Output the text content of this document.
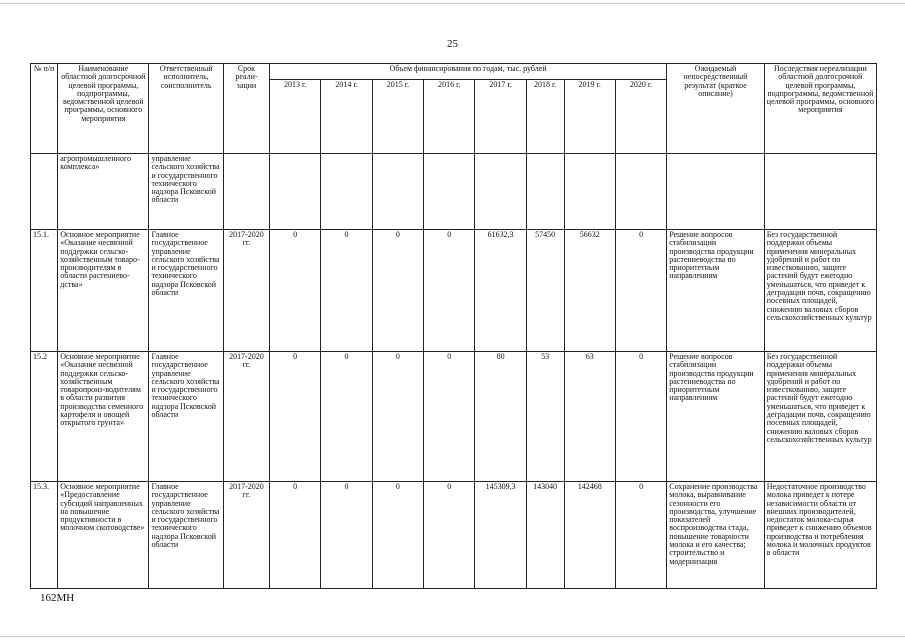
25
№ п/п	Наименование областной долгосрочной целевой программы, подпрограммы, ведомственной целевой программы, основного мероприятия	Ответственный исполнитель, соисполнитель	Срок реали-зации	Объем финансирования по годам, тыс. рублей								Ожидаемый непосредственный результат (краткое описание)	Последствия нереализации областной долгосрочной целевой программы, подпрограммы, ведомственной целевой программы, основного мероприятия
				2013 г.	2014 г.	2015 г.	2016 г.	2017 г.	2018 г.	2019 г.	2020 г.		
	агропромышленного комплекса»	управление сельского хозяйства и государственного технического надзора Псковской области											
15.1.	Основное мероприятие «Оказание несвязной поддержки сельско-хозяйственным товаро-производителям в области растениево-дства»	Главное государственное управление сельского хозяйства и государственного технического надзора Псковской области	2017-2020 гг.	0	0	0	0	61632,3	57450	56632	0	Решение вопросов стабилизации производства продукции растениеводства по приоритетным направлениям	Без государственной поддержки объемы применения минеральных удобрений и работ по известкованию, защите растений будут ежегодно уменьшаться, что приведет к деградации почв, сокращению посевных площадей, снижению валовых сборов сельскохозяйственных культур
15.2	Основное мероприятие «Оказание несвязной поддержки сельско-хозяйственным товаропроиз-водителям в области развития производства семенного картофеля и овощей открытого грунта»	Главное государственное управление сельского хозяйства и государственного технического надзора Псковской области	2017-2020 гг.	0	0	0	0	80	53	63	0	Решение вопросов стабилизации производства продукции растениеводства по приоритетным направлениям	Без государственной поддержки объемы применения минеральных удобрений и работ по известкованию, защите растений будут ежегодно уменьшаться, что приведет к деградации почв, сокращению посевных площадей, снижению валовых сборов сельскохозяйственных культур
15.3.	Основное мероприятие «Предоставление субсидий направленных на повышение продуктивности в молочном скотоводстве»	Главное государственное управление сельского хозяйства и государственного технического надзора Псковской области	2017-2020 гг.	0	0	0	0	145309,3	143040	142468	0	Сохранение производства молока, выравнивание сезонности его производства, улучшение показателей воспроизводства стада, повышение товарности молока и его качества; строительство и модернизация	Недостаточное производство молока приведет к потере независимости области от внешних производителей, недостаток молока-сырья приведет к снижению объемов производства и потребления молока и молочных продуктов в области
162МН
